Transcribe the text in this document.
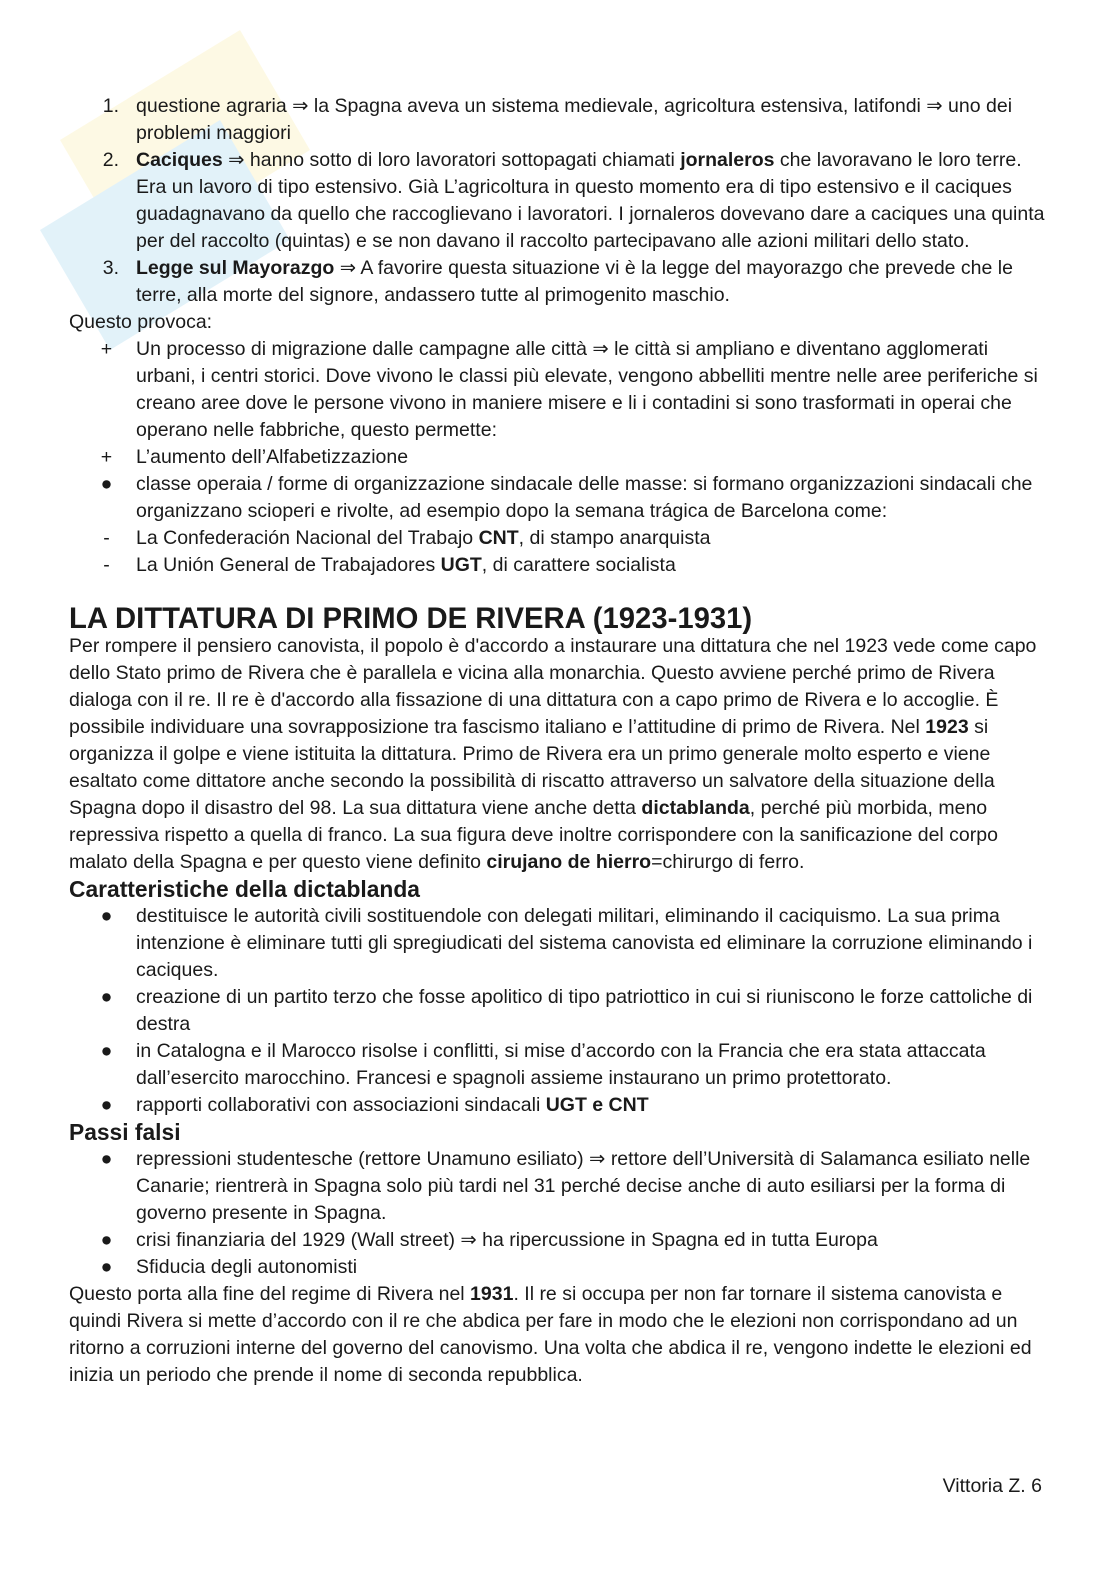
1. questione agraria ⇒ la Spagna aveva un sistema medievale, agricoltura estensiva, latifondi ⇒ uno dei problemi maggiori
2. Caciques ⇒ hanno sotto di loro lavoratori sottopagati chiamati jornaleros che lavoravano le loro terre. Era un lavoro di tipo estensivo. Già L’agricoltura in questo momento era di tipo estensivo e il caciques guadagnavano da quello che raccoglievano i lavoratori. I jornaleros dovevano dare a caciques una quinta per del raccolto (quintas) e se non davano il raccolto partecipavano alle azioni militari dello stato.
3. Legge sul Mayorazgo ⇒ A favorire questa situazione vi è la legge del mayorazgo che prevede che le terre, alla morte del signore, andassero tutte al primogenito maschio.

Questo provoca:

+	Un processo di migrazione dalle campagne alle città ⇒ le città si ampliano e diventano agglomerati urbani, i centri storici. Dove vivono le classi più elevate, vengono abbelliti mentre nelle aree periferiche si creano aree dove le persone vivono in maniere misere e li i contadini si sono trasformati in operai che operano nelle fabbriche, questo permette:
+	L’aumento dell’Alfabetizzazione
●	classe operaia / forme di organizzazione sindacale delle masse: si formano organizzazioni sindacali che organizzano scioperi e rivolte, ad esempio dopo la semana trágica de Barcelona come:
-	La Confederación Nacional del Trabajo CNT, di stampo anarquista
-	La Unión General de Trabajadores UGT, di carattere socialista
LA DITTATURA DI PRIMO DE RIVERA (1923-1931)

Per rompere il pensiero canovista, il popolo è d'accordo a instaurare una dittatura che nel 1923 vede come capo dello Stato primo de Rivera che è parallela e vicina alla monarchia. Questo avviene perché primo de Rivera dialoga con il re. Il re è d'accordo alla fissazione di una dittatura con a capo primo de Rivera e lo accoglie. È possibile individuare una sovrapposizione tra fascismo italiano e l’attitudine di primo de Rivera. Nel 1923 si organizza il golpe e viene istituita la dittatura. Primo de Rivera era un primo generale molto esperto e viene esaltato come dittatore anche secondo la possibilità di riscatto attraverso un salvatore della situazione della Spagna dopo il disastro del 98. La sua dittatura viene anche detta dictablanda, perché più morbida, meno repressiva rispetto a quella di franco. La sua figura deve inoltre corrispondere con la sanificazione del corpo malato della Spagna e per questo viene definito cirujano de hierro=chirurgo di ferro.

Caratteristiche della dictablanda
●	destituisce le autorità civili sostituendole con delegati militari, eliminando il caciquismo. La sua prima intenzione è eliminare tutti gli spregiudicati del sistema canovista ed eliminare la corruzione eliminando i caciques.
●	creazione di un partito terzo che fosse apolitico di tipo patriottico in cui si riuniscono le forze cattoliche di destra
●	in Catalogna e il Marocco risolse i conflitti, si mise d’accordo con la Francia che era stata attaccata dall’esercito marocchino. Francesi e spagnoli assieme instaurano un primo protettorato.
●	rapporti collaborativi con associazioni sindacali UGT e CNT
Passi falsi
●	repressioni studentesche (rettore Unamuno esiliato) ⇒ rettore dell’Università di Salamanca esiliato nelle Canarie; rientrerà in Spagna solo più tardi nel 31 perché decise anche di auto esiliarsi per la forma di governo presente in Spagna.
●	crisi finanziaria del 1929 (Wall street) ⇒ ha ripercussione in Spagna ed in tutta Europa
●	Sfiducia degli autonomisti

Questo porta alla fine del regime di Rivera nel 1931. Il re si occupa per non far tornare il sistema canovista e quindi Rivera si mette d’accordo con il re che abdica per fare in modo che le elezioni non corrispondano ad un ritorno a corruzioni interne del governo del canovismo. Una volta che abdica il re, vengono indette le elezioni ed inizia un periodo che prende il nome di seconda repubblica.

Vittoria Z. 6
